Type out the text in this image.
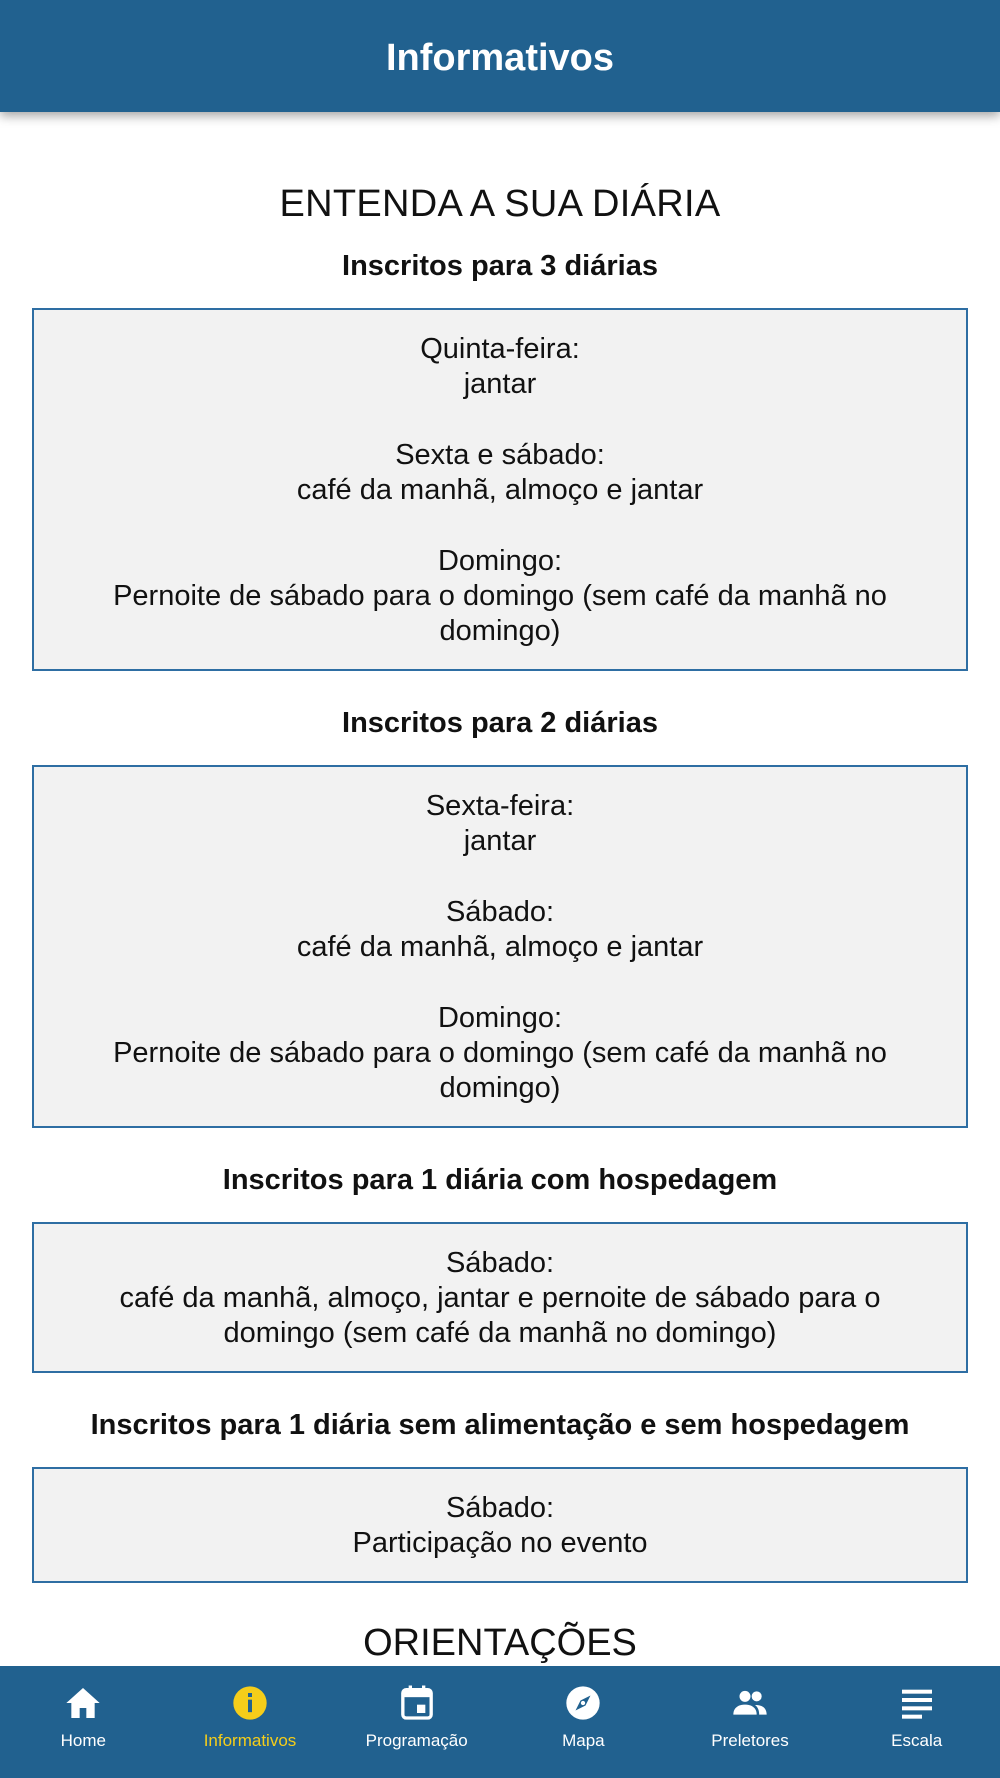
Informativos
ENTENDA A SUA DIÁRIA
Inscritos para 3 diárias

Quinta-feira:

jantar

Sexta e sábado:

café da manhã, almoço e jantar

Domingo:

Pernoite de sábado para o domingo (sem café da manhã no domingo)

Inscritos para 2 diárias

Sexta-feira:

jantar

Sábado:

café da manhã, almoço e jantar

Domingo:

Pernoite de sábado para o domingo (sem café da manhã no domingo)

Inscritos para 1 diária com hospedagem

Sábado:

café da manhã, almoço, jantar e pernoite de sábado para o domingo (sem café da manhã no domingo)

Inscritos para 1 diária sem alimentação e sem hospedagem

Sábado:

Participação no evento

ORIENTAÇÕES
Home	Informativos	Programação	Mapa	Preletores	Escala
